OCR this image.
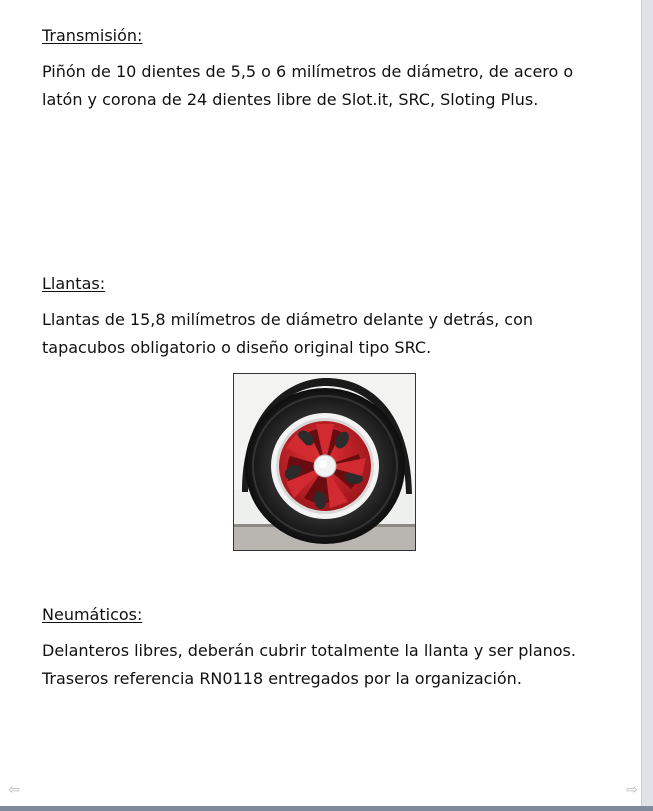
Transmisión:

Piñón de 10 dientes de 5,5 o 6 milímetros de diámetro, de acero o
latón y corona de 24 dientes libre de Slot.it, SRC, Sloting Plus.

Llantas:

Llantas de 15,8 milímetros de diámetro delante y detrás, con
tapacubos obligatorio o diseño original tipo SRC.

Neumáticos:

Delanteros libres, deberán cubrir totalmente la llanta y ser planos.
Traseros referencia RN0118 entregados por la organización.

⇦	⇨
